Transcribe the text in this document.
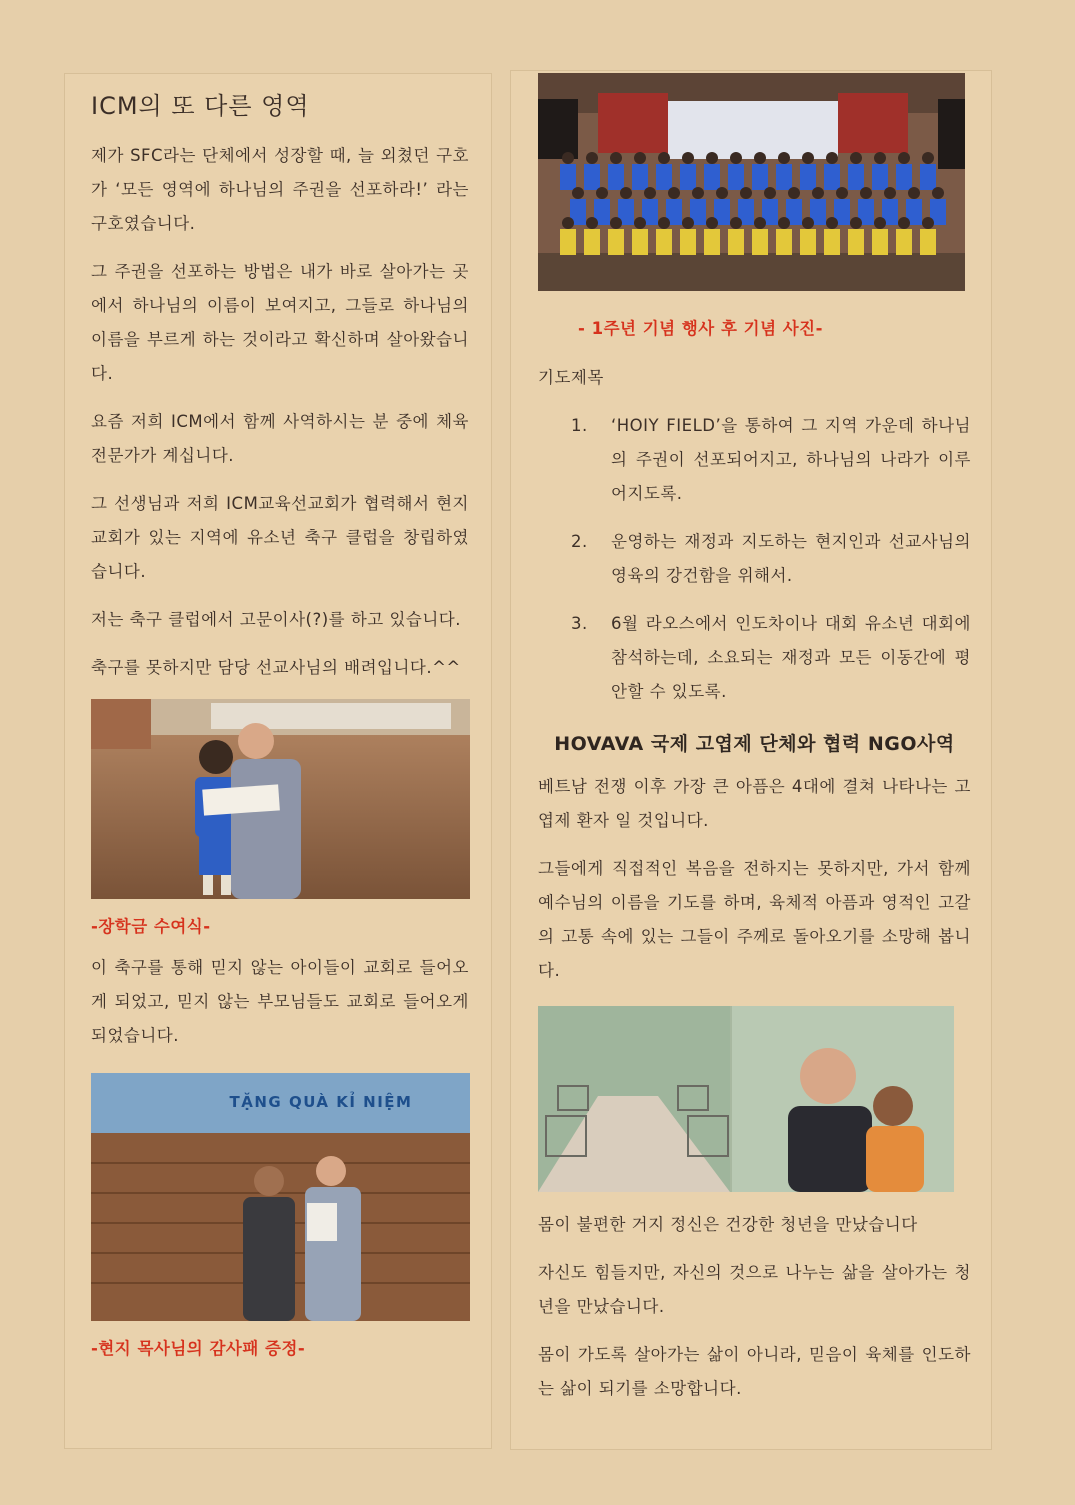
ICM의 또 다른 영역

제가 SFC라는 단체에서 성장할 때, 늘 외쳤던 구호가 ‘모든 영역에 하나님의 주권을 선포하라!’ 라는 구호였습니다.

그 주권을 선포하는 방법은 내가 바로 살아가는 곳에서 하나님의 이름이 보여지고, 그들로 하나님의 이름을 부르게 하는 것이라고 확신하며 살아왔습니다.

요즘 저희 ICM에서 함께 사역하시는 분 중에 체육 전문가가 계십니다.

그 선생님과 저희 ICM교육선교회가 협력해서 현지 교회가 있는 지역에 유소년 축구 클럽을 창립하였습니다.

저는 축구 클럽에서 고문이사(?)를 하고 있습니다.

축구를 못하지만 담당 선교사님의 배려입니다.^^

-장학금 수여식-

이 축구를 통해 믿지 않는 아이들이 교회로 들어오게 되었고, 믿지 않는 부모님들도 교회로 들어오게 되었습니다.

TẶNG QUÀ KỈ NIỆM
-현지 목사님의 감사패 증정-
- 1주년 기념 행사 후 기념 사진-

기도제목

1. ‘HOIY FIELD’을 통하여 그 지역 가운데 하나님의 주권이 선포되어지고, 하나님의 나라가 이루어지도록.
2. 운영하는 재정과 지도하는 현지인과 선교사님의 영육의 강건함을 위해서.
3. 6월 라오스에서 인도차이나 대회 유소년 대회에 참석하는데, 소요되는 재정과 모든 이동간에 평안할 수 있도록.
HOVAVA 국제 고엽제 단체와 협력 NGO사역

베트남 전쟁 이후 가장 큰 아픔은 4대에 결쳐 나타나는 고엽제 환자 일 것입니다.

그들에게 직접적인 복음을 전하지는 못하지만, 가서 함께 예수님의 이름을 기도를 하며, 육체적 아픔과 영적인 고갈의 고통 속에 있는 그들이 주께로 돌아오기를 소망해 봅니다.

몸이 불편한 거지 정신은 건강한 청년을 만났습니다

자신도 힘들지만, 자신의 것으로 나누는 삶을 살아가는 청년을 만났습니다.

몸이 가도록 살아가는 삶이 아니라, 믿음이 육체를 인도하는 삶이 되기를 소망합니다.
